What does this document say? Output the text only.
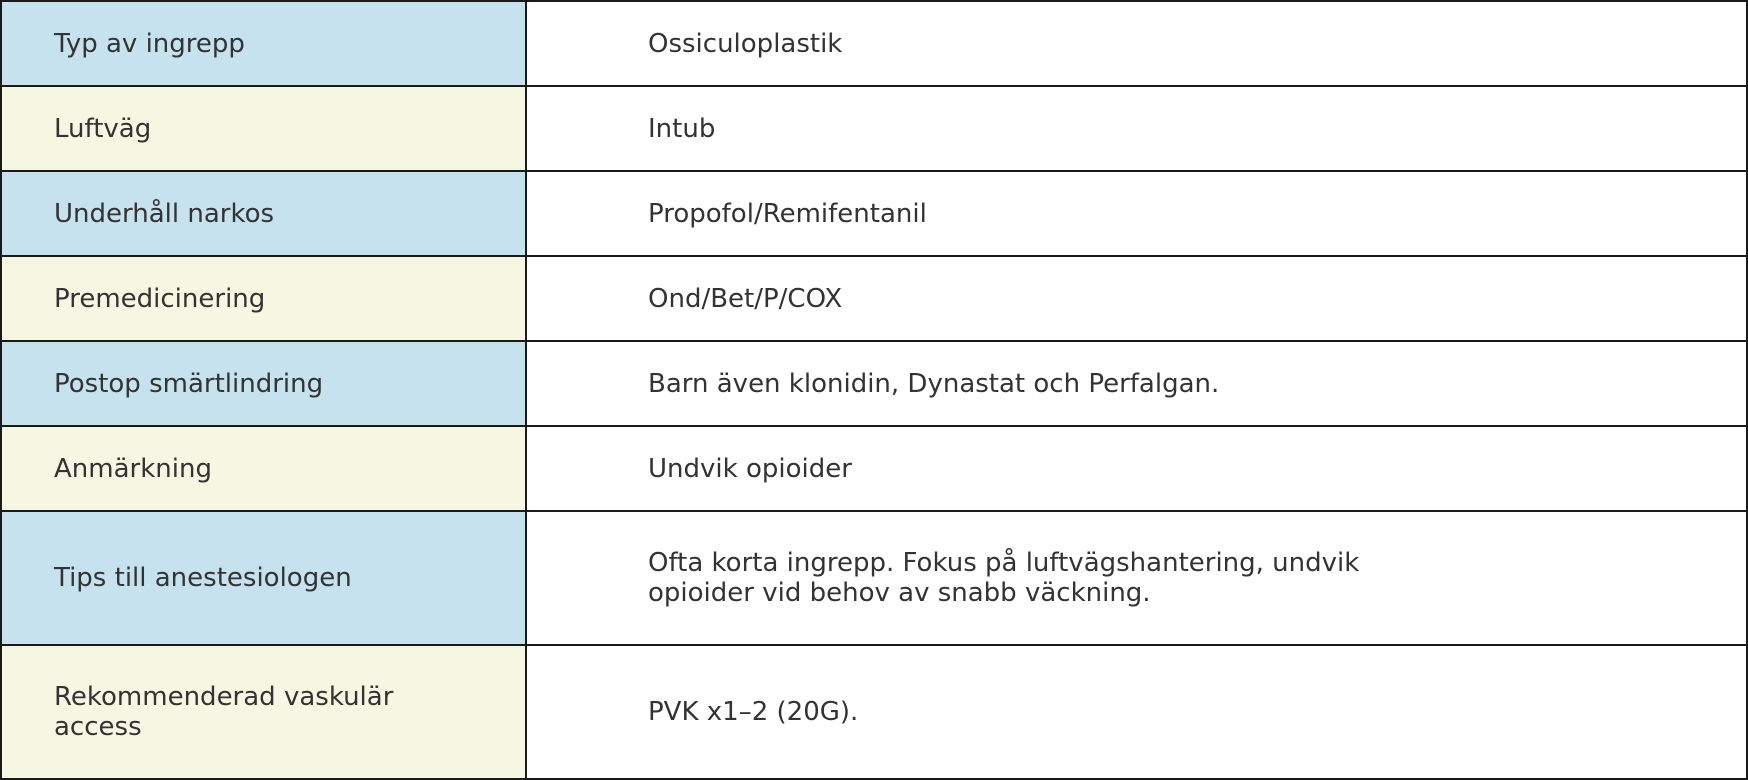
Typ av ingrepp	Ossiculoplastik
Luftväg	Intub
Underhåll narkos	Propofol/Remifentanil
Premedicinering	Ond/Bet/P/COX
Postop smärtlindring	Barn även klonidin, Dynastat och Perfalgan.
Anmärkning	Undvik opioider
Tips till anestesiologen	Ofta korta ingrepp. Fokus på luftvägshantering, undvik opioider vid behov av snabb väckning.
Rekommenderad vaskulär access	PVK x1–2 (20G).
